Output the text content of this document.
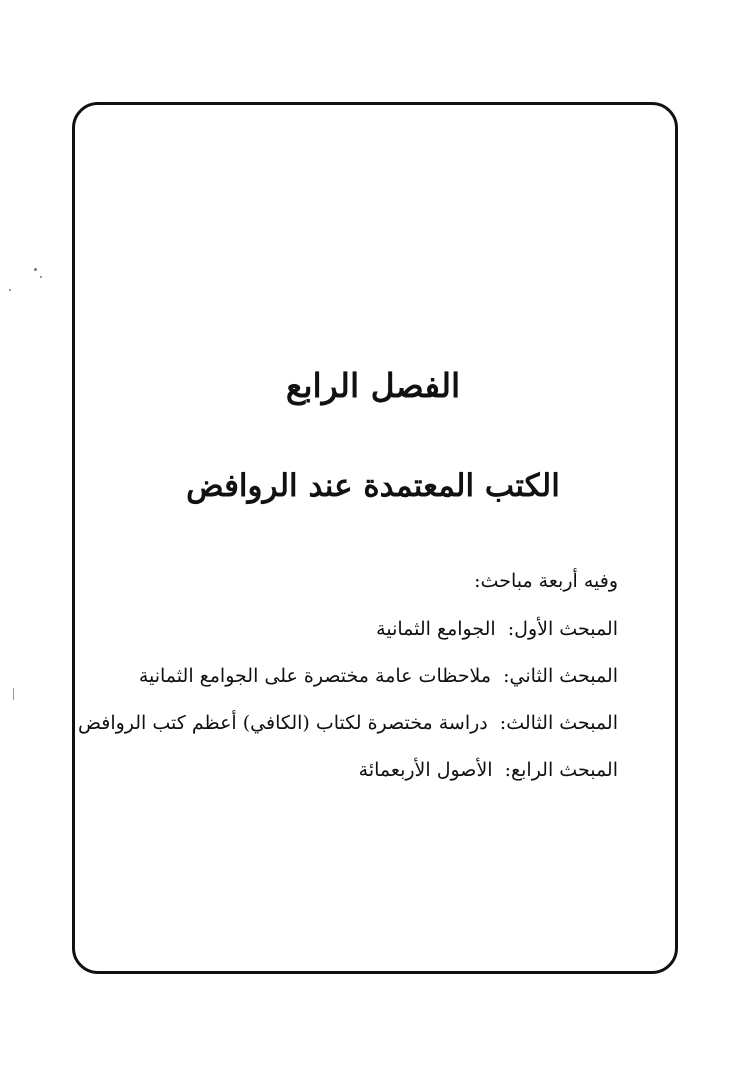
الفصل الرابع
الكتب المعتمدة عند الروافض
وفيه أربعة مباحث:
المبحث الأول: الجوامع الثمانية
المبحث الثاني: ملاحظات عامة مختصرة على الجوامع الثمانية
المبحث الثالث: دراسة مختصرة لكتاب (الكافي) أعظم كتب الروافض
المبحث الرابع: الأصول الأربعمائة
